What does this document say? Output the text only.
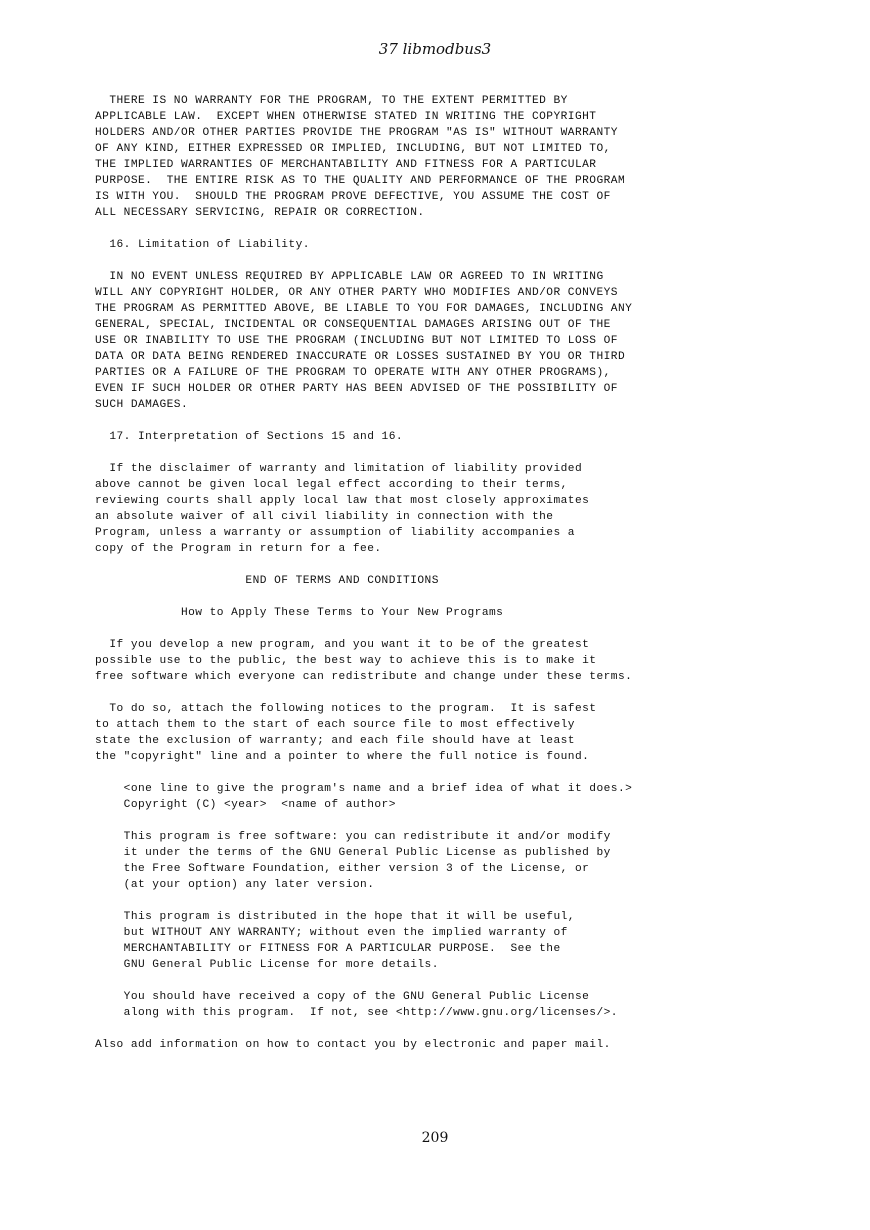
37 libmodbus3
THERE IS NO WARRANTY FOR THE PROGRAM, TO THE EXTENT PERMITTED BY
APPLICABLE LAW.  EXCEPT WHEN OTHERWISE STATED IN WRITING THE COPYRIGHT
HOLDERS AND/OR OTHER PARTIES PROVIDE THE PROGRAM "AS IS" WITHOUT WARRANTY
OF ANY KIND, EITHER EXPRESSED OR IMPLIED, INCLUDING, BUT NOT LIMITED TO,
THE IMPLIED WARRANTIES OF MERCHANTABILITY AND FITNESS FOR A PARTICULAR
PURPOSE.  THE ENTIRE RISK AS TO THE QUALITY AND PERFORMANCE OF THE PROGRAM
IS WITH YOU.  SHOULD THE PROGRAM PROVE DEFECTIVE, YOU ASSUME THE COST OF
ALL NECESSARY SERVICING, REPAIR OR CORRECTION.
16. Limitation of Liability.
IN NO EVENT UNLESS REQUIRED BY APPLICABLE LAW OR AGREED TO IN WRITING
WILL ANY COPYRIGHT HOLDER, OR ANY OTHER PARTY WHO MODIFIES AND/OR CONVEYS
THE PROGRAM AS PERMITTED ABOVE, BE LIABLE TO YOU FOR DAMAGES, INCLUDING ANY
GENERAL, SPECIAL, INCIDENTAL OR CONSEQUENTIAL DAMAGES ARISING OUT OF THE
USE OR INABILITY TO USE THE PROGRAM (INCLUDING BUT NOT LIMITED TO LOSS OF
DATA OR DATA BEING RENDERED INACCURATE OR LOSSES SUSTAINED BY YOU OR THIRD
PARTIES OR A FAILURE OF THE PROGRAM TO OPERATE WITH ANY OTHER PROGRAMS),
EVEN IF SUCH HOLDER OR OTHER PARTY HAS BEEN ADVISED OF THE POSSIBILITY OF
SUCH DAMAGES.
17. Interpretation of Sections 15 and 16.
If the disclaimer of warranty and limitation of liability provided
above cannot be given local legal effect according to their terms,
reviewing courts shall apply local law that most closely approximates
an absolute waiver of all civil liability in connection with the
Program, unless a warranty or assumption of liability accompanies a
copy of the Program in return for a fee.
END OF TERMS AND CONDITIONS
How to Apply These Terms to Your New Programs
If you develop a new program, and you want it to be of the greatest
possible use to the public, the best way to achieve this is to make it
free software which everyone can redistribute and change under these terms.
To do so, attach the following notices to the program.  It is safest
to attach them to the start of each source file to most effectively
state the exclusion of warranty; and each file should have at least
the "copyright" line and a pointer to where the full notice is found.
<one line to give the program's name and a brief idea of what it does.>
Copyright (C) <year>  <name of author>
This program is free software: you can redistribute it and/or modify
it under the terms of the GNU General Public License as published by
the Free Software Foundation, either version 3 of the License, or
(at your option) any later version.
This program is distributed in the hope that it will be useful,
but WITHOUT ANY WARRANTY; without even the implied warranty of
MERCHANTABILITY or FITNESS FOR A PARTICULAR PURPOSE.  See the
GNU General Public License for more details.
You should have received a copy of the GNU General Public License
along with this program.  If not, see <http://www.gnu.org/licenses/>.
Also add information on how to contact you by electronic and paper mail.
209
